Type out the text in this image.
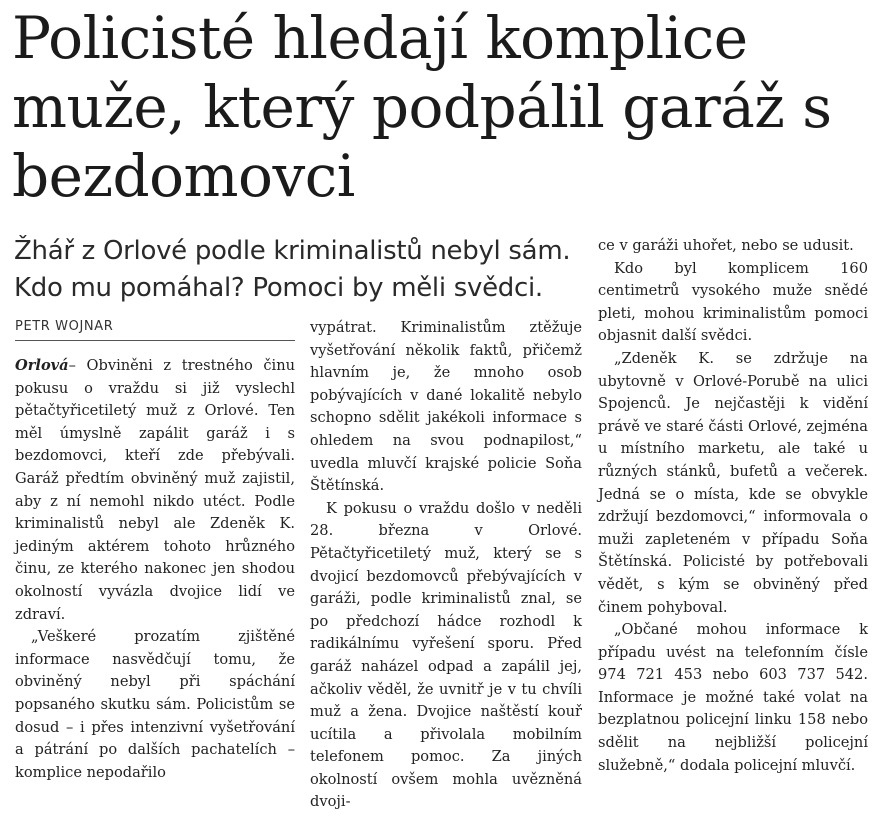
Policisté hledají komplice muže, který podpálil garáž s bezdomovci

Žhář z Orlové podle kriminalistů nebyl sám. Kdo mu pomáhal? Pomoci by měli svědci.

PETR WOJNAR

Orlová– Obviněni z trestného činu pokusu o vraždu si již vyslechl pětačtyřicetiletý muž z Orlové. Ten měl úmyslně zapálit garáž i s bezdomovci, kteří zde přebývali. Garáž předtím obviněný muž zajistil, aby z ní nemohl nikdo utéct. Podle kriminalistů nebyl ale Zdeněk K. jediným aktérem tohoto hrůzného činu, ze kterého nakonec jen shodou okolností vyvázla dvojice lidí ve zdraví.

„Veškeré prozatím zjištěné informace nasvědčují tomu, že obviněný nebyl při spáchání popsaného skutku sám. Policistům se dosud – i přes intenzivní vyšetřování a pátrání po dalších pachatelích – komplice nepodařilo

vypátrat. Kriminalistům ztěžuje vyšetřování několik faktů, přičemž hlavním je, že mnoho osob pobývajících v dané lokalitě nebylo schopno sdělit jakékoli informace s ohledem na svou podnapilost,“ uvedla mluvčí krajské policie Soňa Štětínská.

K pokusu o vraždu došlo v neděli 28. března v Orlové. Pětačtyřicetiletý muž, který se s dvojicí bezdomovců přebývajících v garáži, podle kriminalistů znal, se po předchozí hádce rozhodl k radikálnímu vyřešení sporu. Před garáž naházel odpad a zapálil jej, ačkoliv věděl, že uvnitř je v tu chvíli muž a žena. Dvojice naštěstí kouř ucítila a přivolala mobilním telefonem pomoc. Za jiných okolností ovšem mohla uvězněná dvoji-

ce v garáži uhořet, nebo se udusit.

Kdo byl komplicem 160 centimetrů vysokého muže snědé pleti, mohou kriminalistům pomoci objasnit další svědci.

„Zdeněk K. se zdržuje na ubytovně v Orlové-Porubě na ulici Spojenců. Je nejčastěji k vidění právě ve staré části Orlové, zejména u místního marketu, ale také u různých stánků, bufetů a večerek. Jedná se o místa, kde se obvykle zdržují bezdomovci,“ informovala o muži zapleteném v případu Soňa Štětínská. Policisté by potřebovali vědět, s kým se obviněný před činem pohyboval.

„Občané mohou informace k případu uvést na telefonním čísle 974 721 453 nebo 603 737 542. Informace je možné také volat na bezplatnou policejní linku 158 nebo sdělit na nejbližší policejní služebně,“ dodala policejní mluvčí.
